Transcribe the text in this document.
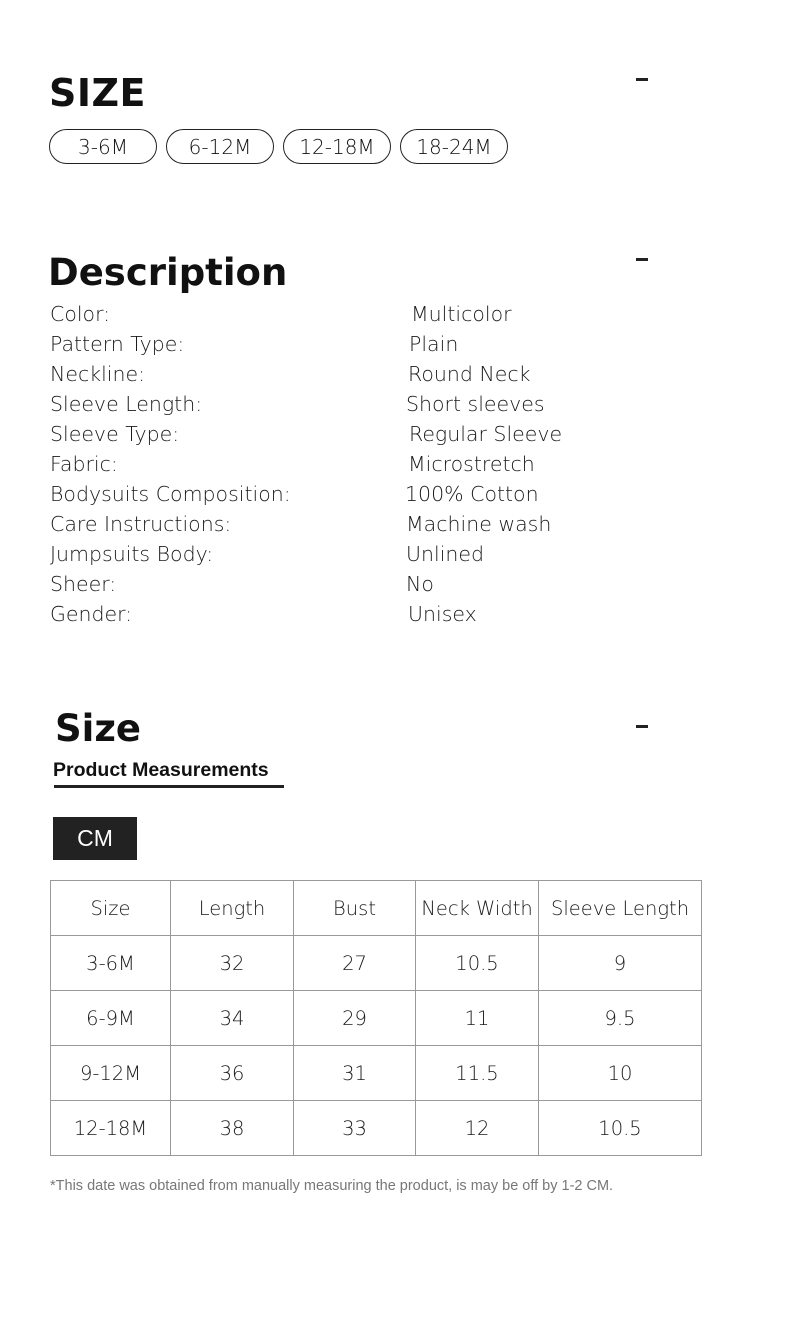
SIZE
3-6M	6-12M	12-18M	18-24M
Description
Color:	Multicolor
Pattern Type:	Plain
Neckline:	Round Neck
Sleeve Length:	Short sleeves
Sleeve Type:	Regular Sleeve
Fabric:	Microstretch
Bodysuits Composition:	100% Cotton
Care Instructions:	Machine wash
Jumpsuits Body:	Unlined
Sheer:	No
Gender:	Unisex
Size
Product Measurements
CM
Size	Length	Bust	Neck Width	Sleeve Length
3-6M	32	27	10.5	9
6-9M	34	29	11	9.5
9-12M	36	31	11.5	10
12-18M	38	33	12	10.5
*This date was obtained from manually measuring the product, is may be off by 1-2 CM.
